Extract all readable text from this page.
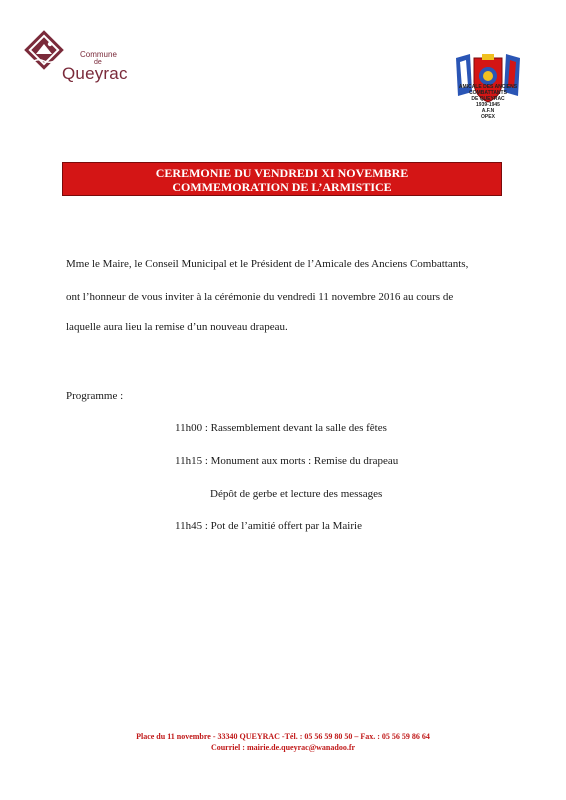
Commune
de
Queyrac
AMICALE DES ANCIENS
COMBATTANTS
DE QUEYRAC
1939-1945
A.F.N
OPEX
CEREMONIE DU VENDREDI XI NOVEMBRE
COMMEMORATION DE L’ARMISTICE
Mme le Maire, le Conseil Municipal et le Président de l’Amicale des Anciens Combattants,
ont l’honneur de vous inviter à la cérémonie du vendredi 11 novembre 2016 au cours de
laquelle aura lieu la remise d’un nouveau drapeau.
Programme :
11h00 : Rassemblement devant la salle des fêtes
11h15 : Monument aux morts : Remise du drapeau
Dépôt de gerbe et lecture des messages
11h45 : Pot de l’amitié offert par la Mairie
Place du 11 novembre - 33340 QUEYRAC -Tél. : 05 56 59 80 50 – Fax. : 05 56 59 86 64
Courriel : mairie.de.queyrac@wanadoo.fr
